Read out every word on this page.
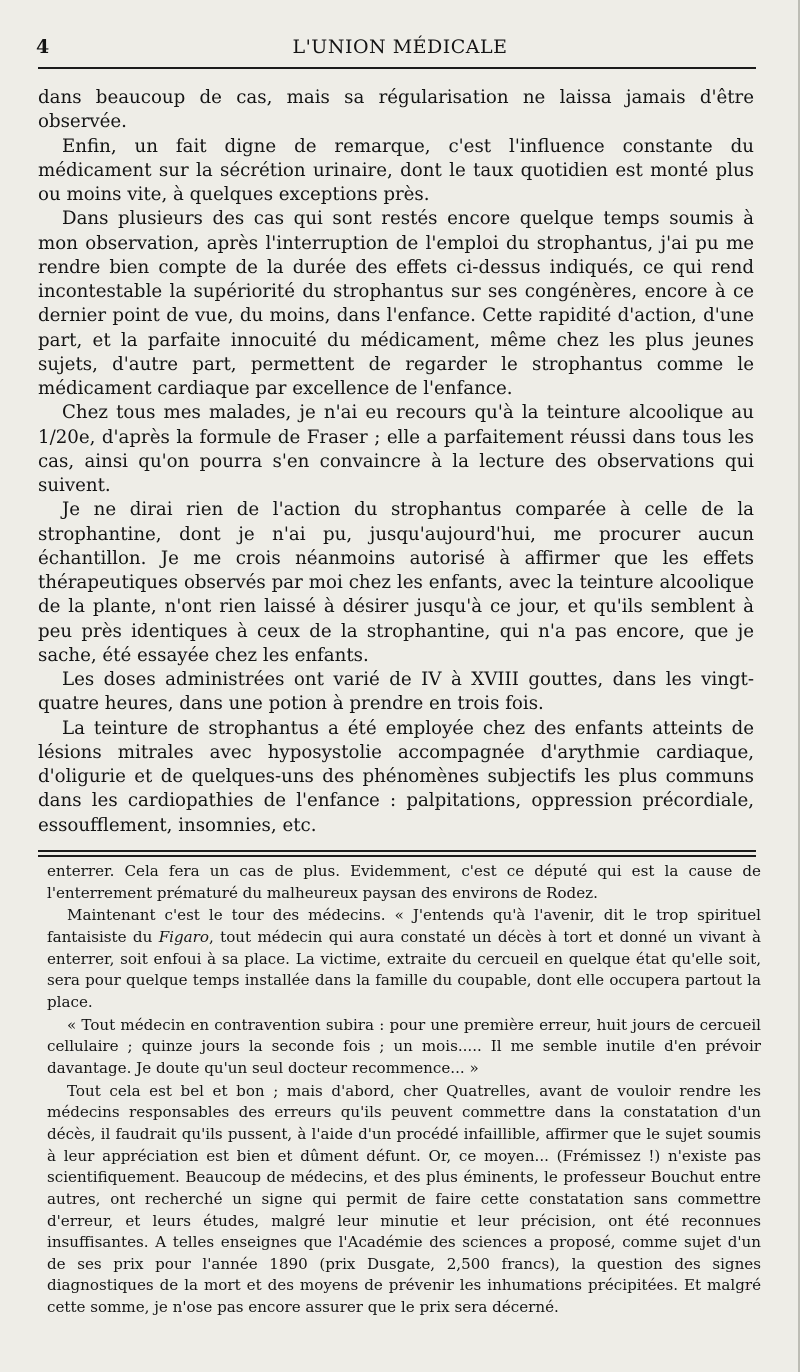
4	L'UNION MÉDICALE

dans beaucoup de cas, mais sa régularisation ne laissa jamais d'être observée.

Enfin, un fait digne de remarque, c'est l'influence constante du médicament sur la sécrétion urinaire, dont le taux quotidien est monté plus ou moins vite, à quelques exceptions près.

Dans plusieurs des cas qui sont restés encore quelque temps soumis à mon observation, après l'interruption de l'emploi du strophantus, j'ai pu me rendre bien compte de la durée des effets ci-dessus indiqués, ce qui rend incontestable la supériorité du strophantus sur ses congénères, encore à ce dernier point de vue, du moins, dans l'enfance. Cette rapidité d'action, d'une part, et la parfaite innocuité du médicament, même chez les plus jeunes sujets, d'autre part, permettent de regarder le strophantus comme le médicament cardiaque par excellence de l'enfance.

Chez tous mes malades, je n'ai eu recours qu'à la teinture alcoolique au 1/20e, d'après la formule de Fraser ; elle a parfaitement réussi dans tous les cas, ainsi qu'on pourra s'en convaincre à la lecture des observations qui suivent.

Je ne dirai rien de l'action du strophantus comparée à celle de la strophantine, dont je n'ai pu, jusqu'aujourd'hui, me procurer aucun échantillon. Je me crois néanmoins autorisé à affirmer que les effets thérapeutiques observés par moi chez les enfants, avec la teinture alcoolique de la plante, n'ont rien laissé à désirer jusqu'à ce jour, et qu'ils semblent à peu près identiques à ceux de la strophantine, qui n'a pas encore, que je sache, été essayée chez les enfants.

Les doses administrées ont varié de IV à XVIII gouttes, dans les vingt-quatre heures, dans une potion à prendre en trois fois.

La teinture de strophantus a été employée chez des enfants atteints de lésions mitrales avec hyposystolie accompagnée d'arythmie cardiaque, d'oligurie et de quelques-uns des phénomènes subjectifs les plus communs dans les cardiopathies de l'enfance : palpitations, oppression précordiale, essoufflement, insomnies, etc.

enterrer. Cela fera un cas de plus. Evidemment, c'est ce député qui est la cause de l'enterrement prématuré du malheureux paysan des environs de Rodez.

Maintenant c'est le tour des médecins. « J'entends qu'à l'avenir, dit le trop spirituel fantaisiste du Figaro, tout médecin qui aura constaté un décès à tort et donné un vivant à enterrer, soit enfoui à sa place. La victime, extraite du cercueil en quelque état qu'elle soit, sera pour quelque temps installée dans la famille du coupable, dont elle occupera partout la place.

« Tout médecin en contravention subira : pour une première erreur, huit jours de cercueil cellulaire ; quinze jours la seconde fois ; un mois..... Il me semble inutile d'en prévoir davantage. Je doute qu'un seul docteur recommence... »

Tout cela est bel et bon ; mais d'abord, cher Quatrelles, avant de vouloir rendre les médecins responsables des erreurs qu'ils peuvent commettre dans la constatation d'un décès, il faudrait qu'ils pussent, à l'aide d'un procédé infaillible, affirmer que le sujet soumis à leur appréciation est bien et dûment défunt. Or, ce moyen... (Frémissez !) n'existe pas scientifiquement. Beaucoup de médecins, et des plus éminents, le professeur Bouchut entre autres, ont recherché un signe qui permit de faire cette constatation sans commettre d'erreur, et leurs études, malgré leur minutie et leur précision, ont été reconnues insuffisantes. A telles enseignes que l'Académie des sciences a proposé, comme sujet d'un de ses prix pour l'année 1890 (prix Dusgate, 2,500 francs), la question des signes diagnostiques de la mort et des moyens de prévenir les inhumations précipitées. Et malgré cette somme, je n'ose pas encore assurer que le prix sera décerné.
